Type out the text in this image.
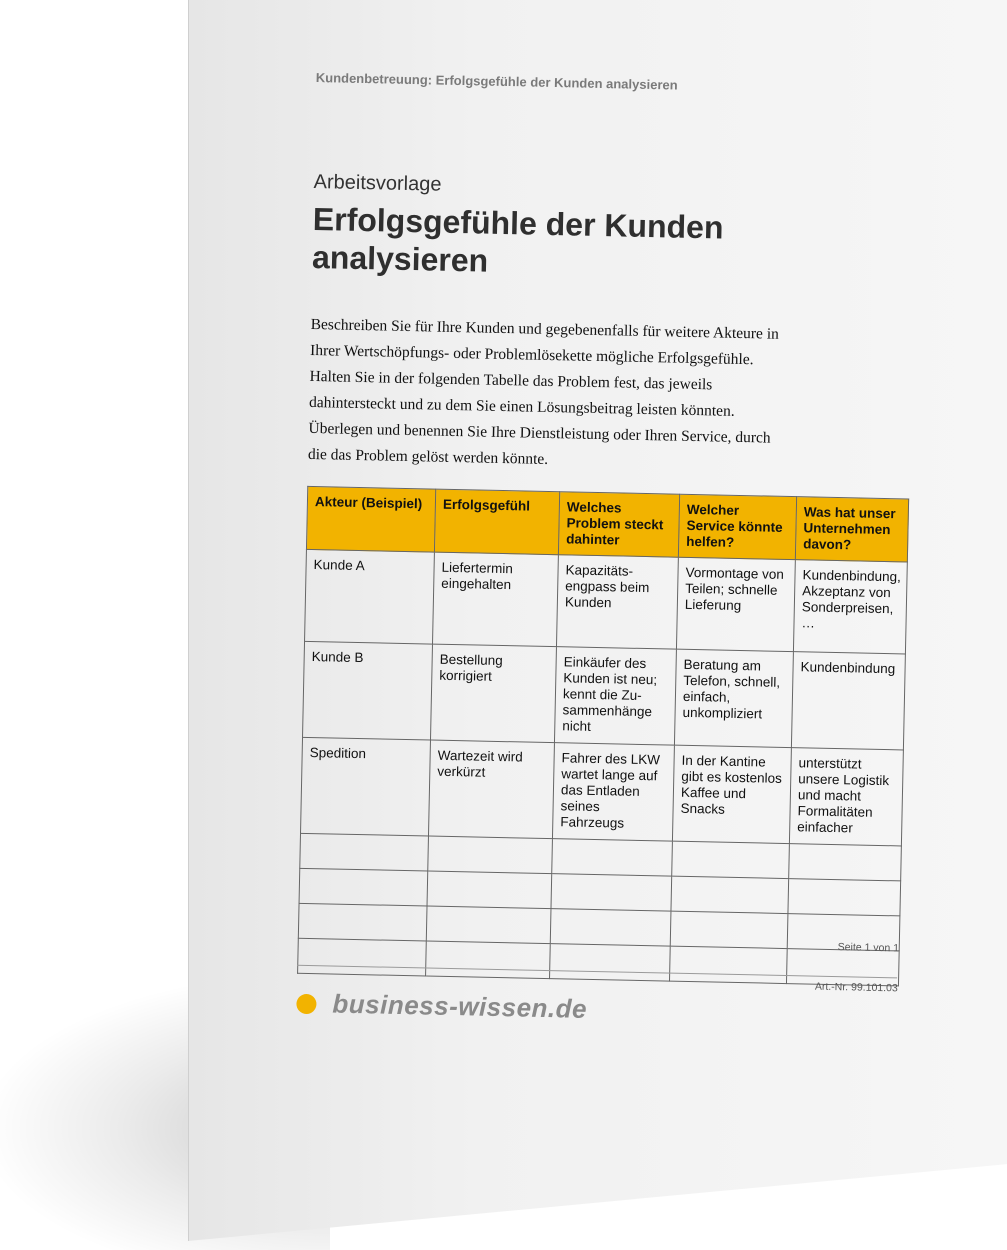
Kundenbetreuung: Erfolgsgefühle der Kunden analysieren

Arbeitsvorlage

Erfolgsgefühle der Kunden analysieren

Beschreiben Sie für Ihre Kunden und gegebenenfalls für weitere Akteure in Ihrer Wertschöpfungs- oder Problemlösekette mögliche Erfolgsgefühle. Halten Sie in der folgenden Tabelle das Problem fest, das jeweils dahintersteckt und zu dem Sie einen Lösungsbeitrag leisten könnten. Überlegen und benennen Sie Ihre Dienstleistung oder Ihren Service, durch die das Problem gelöst werden könnte.

Akteur (Beispiel)	Erfolgsgefühl	Welches Problem steckt dahinter	Welcher Service könnte helfen?	Was hat unser Unternehmen davon?
Kunde A	Liefertermin eingehalten	Kapazitäts-engpass beim Kunden	Vormontage von Teilen; schnelle Lieferung	Kundenbindung, Akzeptanz von Sonderpreisen, …
Kunde B	Bestellung korrigiert	Einkäufer des Kunden ist neu; kennt die Zu-sammenhänge nicht	Beratung am Telefon, schnell, einfach, unkompliziert	Kundenbindung
Spedition	Wartezeit wird verkürzt	Fahrer des LKW wartet lange auf das Entladen seines Fahrzeugs	In der Kantine gibt es kostenlos Kaffee und Snacks	unterstützt unsere Logistik und macht Formalitäten einfacher

Seite 1 von 1
Art.-Nr. 99.101.03
business-wissen.de
